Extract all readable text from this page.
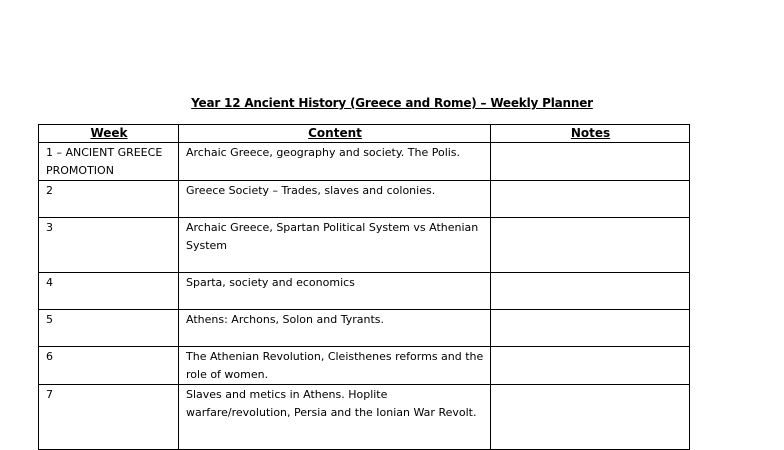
Year 12 Ancient History (Greece and Rome) – Weekly Planner
Week	Content	Notes
1 – ANCIENT GREECE PROMOTION	Archaic Greece, geography and society. The Polis.	
2	Greece Society – Trades, slaves and colonies.	
3	Archaic Greece, Spartan Political System vs Athenian System	
4	Sparta, society and economics	
5	Athens: Archons, Solon and Tyrants.	
6	The Athenian Revolution, Cleisthenes reforms and the role of women.	
7	Slaves and metics in Athens. Hoplite warfare/revolution, Persia and the Ionian War Revolt.	
